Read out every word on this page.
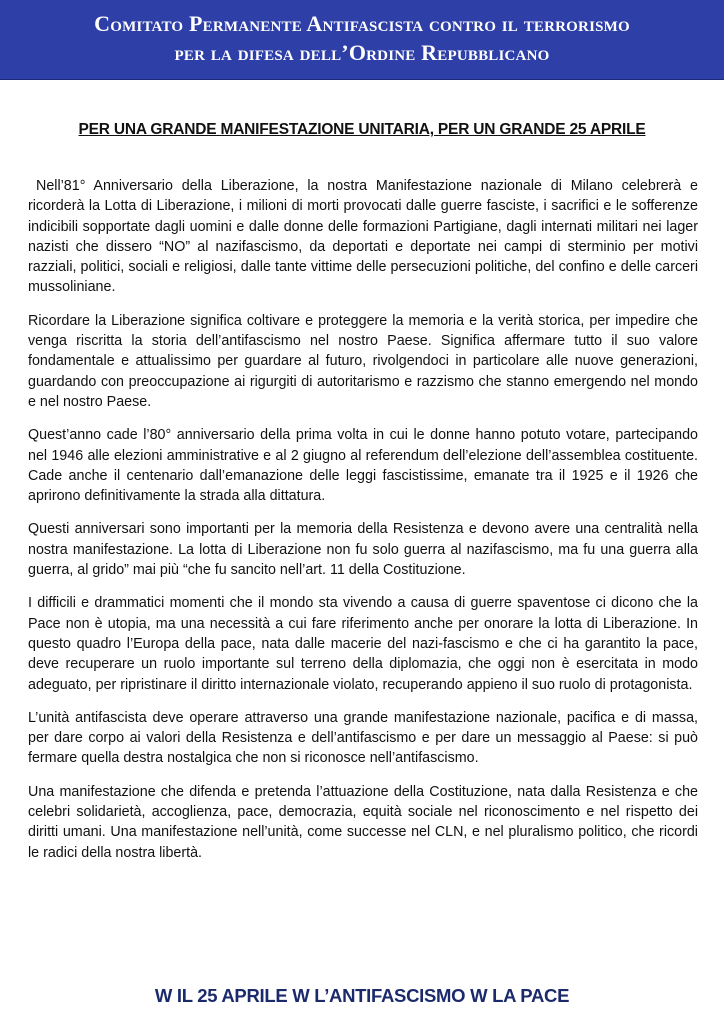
Comitato Permanente Antifascista contro il terrorismo
per la difesa dell’Ordine Repubblicano
PER UNA GRANDE MANIFESTAZIONE UNITARIA, PER UN GRANDE 25 APRILE

Nell’81° Anniversario della Liberazione, la nostra Manifestazione nazionale di Milano celebrerà e ricorderà la Lotta di Liberazione, i milioni di morti provocati dalle guerre fasciste, i sacrifici e le sofferenze indicibili sopportate dagli uomini e dalle donne delle formazioni Partigiane, dagli internati militari nei lager nazisti che dissero “NO” al nazifascismo, da deportati e deportate nei campi di sterminio per motivi razziali, politici, sociali e religiosi, dalle tante vittime delle persecuzioni politiche, del confino e delle carceri mussoliniane.

Ricordare la Liberazione significa coltivare e proteggere la memoria e la verità storica, per impedire che venga riscritta la storia dell’antifascismo nel nostro Paese. Significa affermare tutto il suo valore fondamentale e attualissimo per guardare al futuro, rivolgendoci in particolare alle nuove generazioni, guardando con preoccupazione ai rigurgiti di autoritarismo e razzismo che stanno emergendo nel mondo e nel nostro Paese.

Quest’anno cade l’80° anniversario della prima volta in cui le donne hanno potuto votare, partecipando nel 1946 alle elezioni amministrative e al 2 giugno al referendum dell’elezione dell’assemblea costituente. Cade anche il centenario dall’emanazione delle leggi fascistissime, emanate tra il 1925 e il 1926 che aprirono definitivamente la strada alla dittatura.

Questi anniversari sono importanti per la memoria della Resistenza e devono avere una centralità nella nostra manifestazione. La lotta di Liberazione non fu solo guerra al nazifascismo, ma fu una guerra alla guerra, al grido” mai più “che fu sancito nell’art. 11 della Costituzione.

I difficili e drammatici momenti che il mondo sta vivendo a causa di guerre spaventose ci dicono che la Pace non è utopia, ma una necessità a cui fare riferimento anche per onorare la lotta di Liberazione. In questo quadro l’Europa della pace, nata dalle macerie del nazi-fascismo e che ci ha garantito la pace, deve recuperare un ruolo importante sul terreno della diplomazia, che oggi non è esercitata in modo adeguato, per ripristinare il diritto internazionale violato, recuperando appieno il suo ruolo di protagonista.

L’unità antifascista deve operare attraverso una grande manifestazione nazionale, pacifica e di massa, per dare corpo ai valori della Resistenza e dell’antifascismo e per dare un messaggio al Paese: si può fermare quella destra nostalgica che non si riconosce nell’antifascismo.

Una manifestazione che difenda e pretenda l’attuazione della Costituzione, nata dalla Resistenza e che celebri solidarietà, accoglienza, pace, democrazia, equità sociale nel riconoscimento e nel rispetto dei diritti umani. Una manifestazione nell’unità, come successe nel CLN, e nel pluralismo politico, che ricordi le radici della nostra libertà.

W IL 25 APRILE W L’ANTIFASCISMO W LA PACE
